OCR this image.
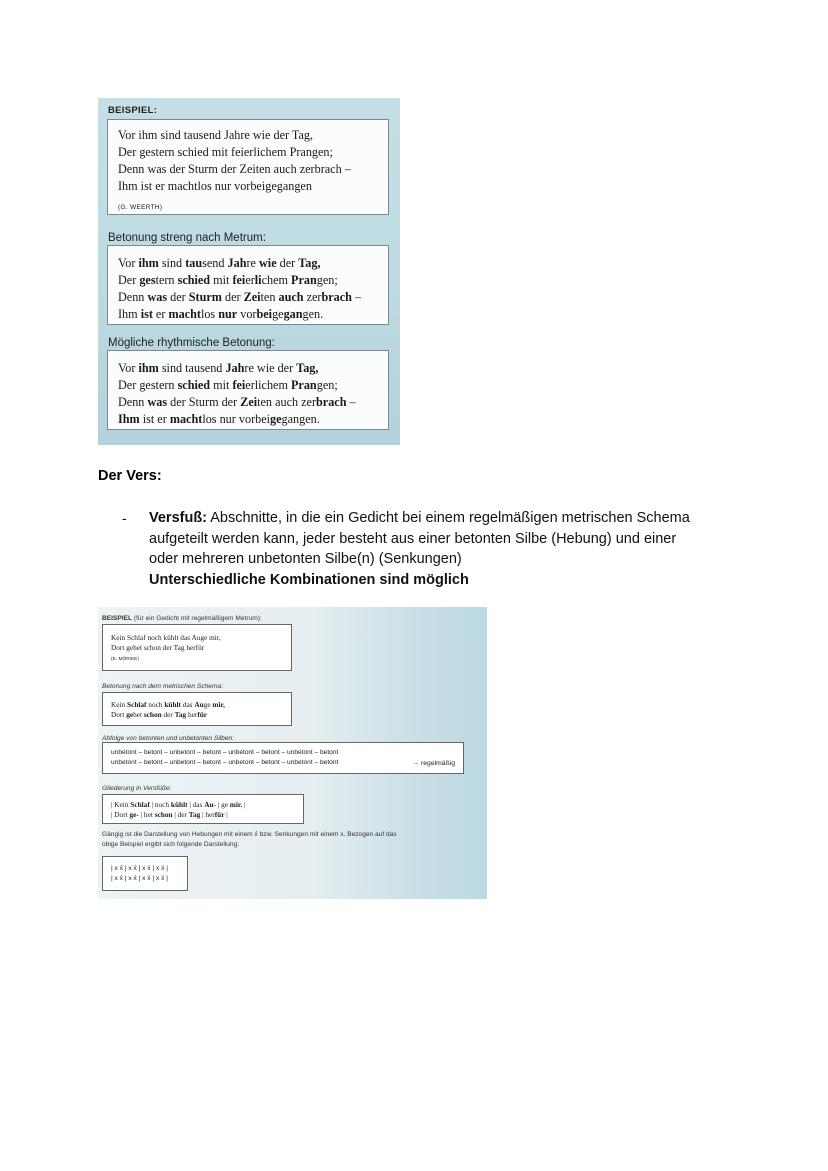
BEISPIEL:
Vor ihm sind tausend Jahre wie der Tag,
Der gestern schied mit feierlichem Prangen;
Denn was der Sturm der Zeiten auch zerbrach –
Ihm ist er machtlos nur vorbeigegangen
(G. WEERTH)
Betonung streng nach Metrum:
Vor ihm sind tausend Jahre wie der Tag,
Der gestern schied mit feierlichem Prangen;
Denn was der Sturm der Zeiten auch zerbrach –
Ihm ist er machtlos nur vorbeigegangen.
Mögliche rhythmische Betonung:
Vor ihm sind tausend Jahre wie der Tag,
Der gestern schied mit feierlichem Prangen;
Denn was der Sturm der Zeiten auch zerbrach –
Ihm ist er machtlos nur vorbeigegangen.
Der Vers:
- Versfuß: Abschnitte, in die ein Gedicht bei einem regelmäßigen metrischen Schema
aufgeteilt werden kann, jeder besteht aus einer betonten Silbe (Hebung) und einer
oder mehreren unbetonten Silbe(n) (Senkungen)
Unterschiedliche Kombinationen sind möglich
BEISPIEL (für ein Gedicht mit regelmäßigem Metrum):
Kein Schlaf noch kühlt das Auge mir,
Dort gehet schon der Tag herfür
(E. MÖRIKE)
Betonung nach dem metrischen Schema:
Kein Schlaf noch kühlt das Auge mir,
Dort gehet schon der Tag herfür
Abfolge von betonten und unbetonten Silben:
unbetont – betont – unbetont – betont – unbetont – betont – unbetont – betont
unbetont – betont – unbetont – betont – unbetont – betont – unbetont – betont	→ regelmäßig
Gliederung in Versfüße:
| Kein Schlaf | noch kühlt | das Au- | ge mir. |
| Dort ge- | het schon | der Tag | herfür |
Gängig ist die Darstellung von Hebungen mit einem x́ bzw. Senkungen mit einem x. Bezogen auf das
obige Beispiel ergibt sich folgende Darstellung:
| x x́ | x x́ | x x́ | x x́ |
| x x́ | x x́ | x x́ | x x́ |
